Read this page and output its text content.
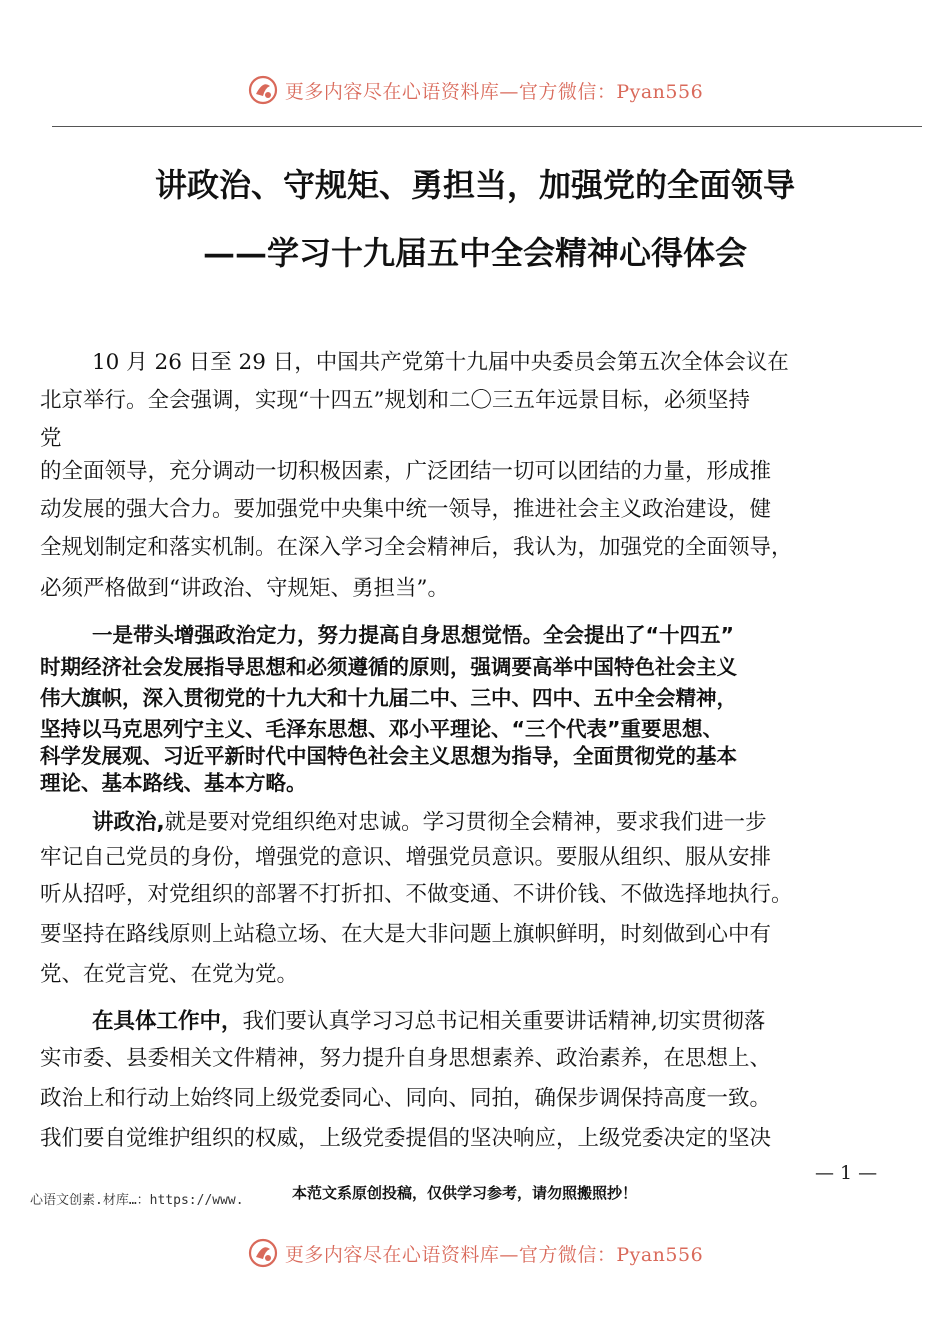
更多内容尽在心语资料库—官方微信：Pyan556
讲政治、守规矩、勇担当，加强党的全面领导
——学习十九届五中全会精神心得体会
10 月 26 日至 29 日，中国共产党第十九届中央委员会第五次全体会议在
北京举行。全会强调，实现“十四五”规划和二〇三五年远景目标，必须坚持
党
的全面领导，充分调动一切积极因素，广泛团结一切可以团结的力量，形成推
动发展的强大合力。要加强党中央集中统一领导，推进社会主义政治建设，健
全规划制定和落实机制。在深入学习全会精神后，我认为，加强党的全面领导，
必须严格做到“讲政治、守规矩、勇担当”。
一是带头增强政治定力，努力提高自身思想觉悟。全会提出了“十四五”
时期经济社会发展指导思想和必须遵循的原则，强调要高举中国特色社会主义
伟大旗帜，深入贯彻党的十九大和十九届二中、三中、四中、五中全会精神，
坚持以马克思列宁主义、毛泽东思想、邓小平理论、“三个代表”重要思想、
科学发展观、习近平新时代中国特色社会主义思想为指导，全面贯彻党的基本
理论、基本路线、基本方略。
讲政治,就是要对党组织绝对忠诚。学习贯彻全会精神，要求我们进一步
牢记自己党员的身份，增强党的意识、增强党员意识。要服从组织、服从安排
听从招呼，对党组织的部署不打折扣、不做变通、不讲价钱、不做选择地执行。
要坚持在路线原则上站稳立场、在大是大非问题上旗帜鲜明，时刻做到心中有
党、在党言党、在党为党。
在具体工作中，我们要认真学习习总书记相关重要讲话精神,切实贯彻落
实市委、县委相关文件精神，努力提升自身思想素养、政治素养，在思想上、
政治上和行动上始终同上级党委同心、同向、同拍，确保步调保持高度一致。
我们要自觉维护组织的权威，上级党委提倡的坚决响应，上级党委决定的坚决
— 1 —
心语文创素.材库…：https://www.	本范文系原创投稿，仅供学习参考，请勿照搬照抄！
更多内容尽在心语资料库—官方微信：Pyan556
